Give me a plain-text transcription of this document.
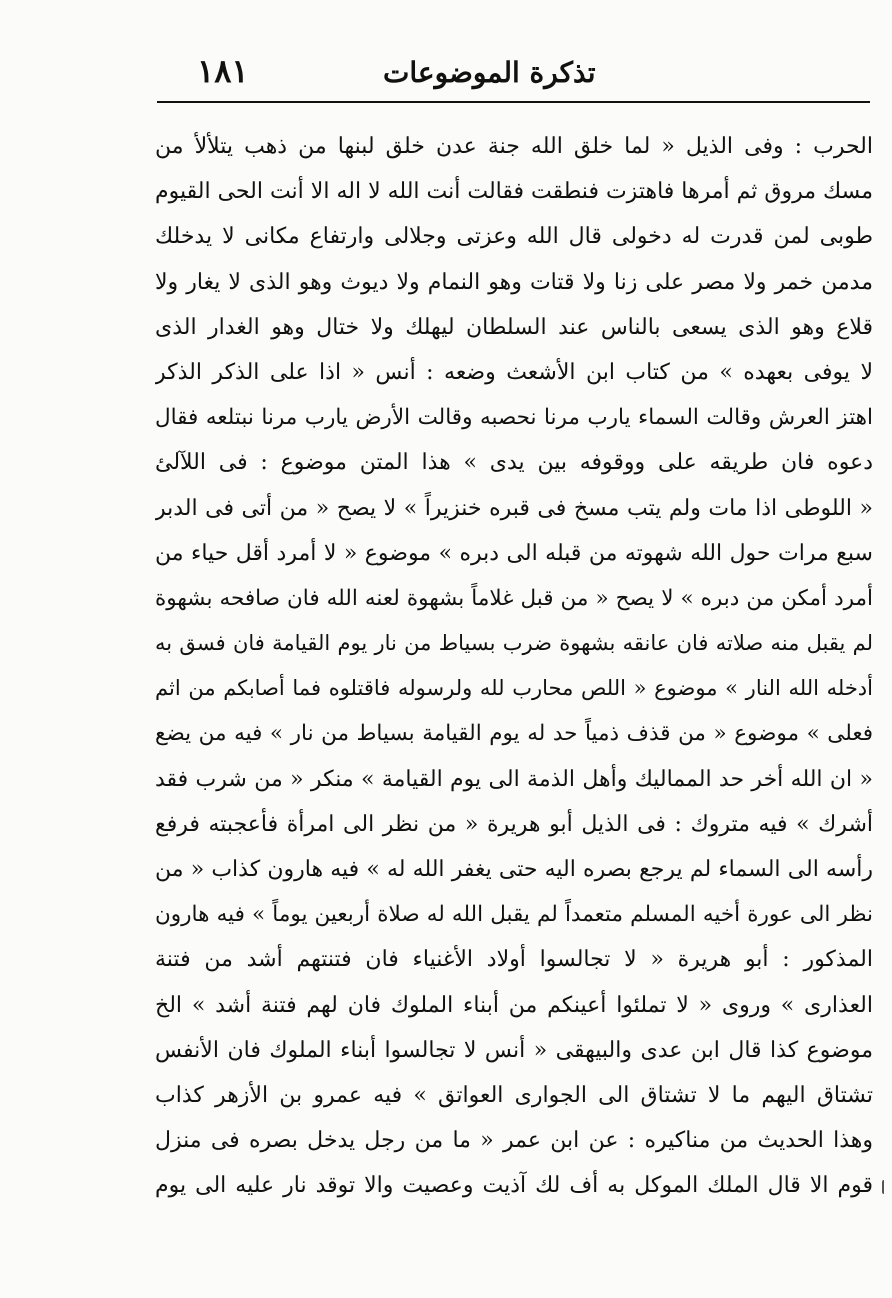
١٨١	تذكرة الموضوعات
الحرب : وفى الذيل « لما خلق الله جنة عدن خلق لبنها من ذهب يتلألأ من
مسك مروق ثم أمرها فاهتزت فنطقت فقالت أنت الله لا اله الا أنت الحى القيوم
طوبى لمن قدرت له دخولى قال الله وعزتى وجلالى وارتفاع مكانى لا يدخلك
مدمن خمر ولا مصر على زنا ولا قتات وهو النمام ولا ديوث وهو الذى لا يغار ولا
قلاع وهو الذى يسعى بالناس عند السلطان ليهلك ولا ختال وهو الغدار الذى
لا يوفى بعهده » من كتاب ابن الأشعث وضعه : أنس « اذا على الذكر الذكر
اهتز العرش وقالت السماء يارب مرنا نحصبه وقالت الأرض يارب مرنا نبتلعه فقال
دعوه فان طريقه على ووقوفه بين يدى » هذا المتن موضوع : فى اللآلئ
« اللوطى اذا مات ولم يتب مسخ فى قبره خنزيراً » لا يصح « من أتى فى الدبر
سبع مرات حول الله شهوته من قبله الى دبره » موضوع « لا أمرد أقل حياء من
أمرد أمكن من دبره » لا يصح « من قبل غلاماً بشهوة لعنه الله فان صافحه بشهوة
لم يقبل منه صلاته فان عانقه بشهوة ضرب بسياط من نار يوم القيامة فان فسق به
أدخله الله النار » موضوع « اللص محارب لله ولرسوله فاقتلوه فما أصابكم من اثم
فعلى » موضوع « من قذف ذمياً حد له يوم القيامة بسياط من نار » فيه من يضع
« ان الله أخر حد المماليك وأهل الذمة الى يوم القيامة » منكر « من شرب فقد
أشرك » فيه متروك : فى الذيل أبو هريرة « من نظر الى امرأة فأعجبته فرفع
رأسه الى السماء لم يرجع بصره اليه حتى يغفر الله له » فيه هارون كذاب « من
نظر الى عورة أخيه المسلم متعمداً لم يقبل الله له صلاة أربعين يوماً » فيه هارون
المذكور : أبو هريرة « لا تجالسوا أولاد الأغنياء فان فتنتهم أشد من فتنة
العذارى » وروى « لا تملئوا أعينكم من أبناء الملوك فان لهم فتنة أشد » الخ
موضوع كذا قال ابن عدى والبيهقى « أنس لا تجالسوا أبناء الملوك فان الأنفس
تشتاق اليهم ما لا تشتاق الى الجوارى العواتق » فيه عمرو بن الأزهر كذاب
وهذا الحديث من مناكيره : عن ابن عمر « ما من رجل يدخل بصره فى منزل
قوم الا قال الملك الموكل به أف لك آذيت وعصيت والا توقد نار عليه الى يوم
